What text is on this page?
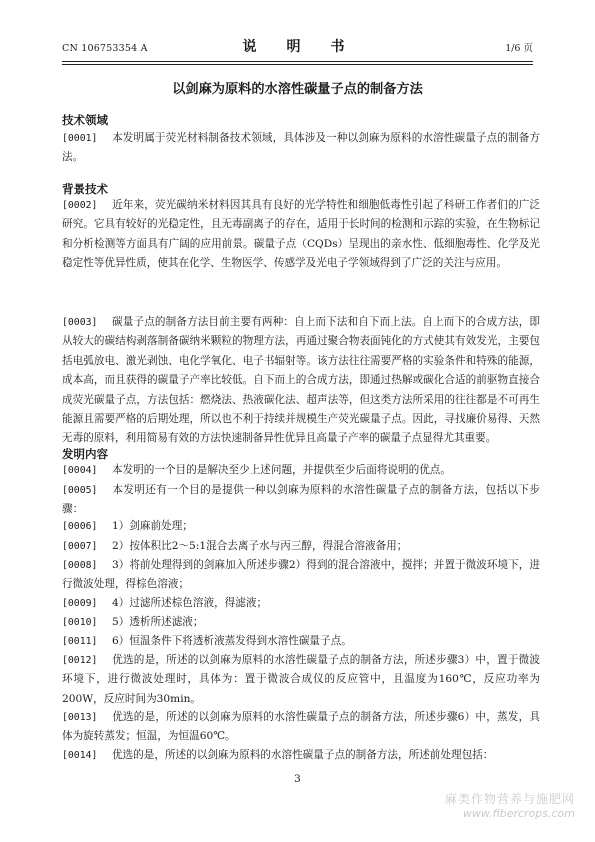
CN 106753354 A	说　明　书	1/6 页
以剑麻为原料的水溶性碳量子点的制备方法
技术领域
[0001] 本发明属于荧光材料制备技术领域，具体涉及一种以剑麻为原料的水溶性碳量子点的制备方法。
背景技术
[0002] 近年来，荧光碳纳米材料因其具有良好的光学特性和细胞低毒性引起了科研工作者们的广泛研究。它具有较好的光稳定性，且无毒副离子的存在，适用于长时间的检测和示踪的实验，在生物标记和分析检测等方面具有广阔的应用前景。碳量子点（CQDs）呈现出的亲水性、低细胞毒性、化学及光稳定性等优异性质，使其在化学、生物医学、传感学及光电子学领域得到了广泛的关注与应用。
[0003] 碳量子点的制备方法目前主要有两种：自上而下法和自下而上法。自上而下的合成方法，即从较大的碳结构剥落制备碳纳米颗粒的物理方法，再通过聚合物表面钝化的方式使其有效发光，主要包括电弧放电、激光剥蚀、电化学氧化、电子书辐射等。该方法往往需要严格的实验条件和特殊的能源，成本高，而且获得的碳量子产率比较低。自下而上的合成方法，即通过热解或碳化合适的前驱物直接合成荧光碳量子点，方法包括：燃烧法、热液碳化法、超声法等，但这类方法所采用的往往都是不可再生能源且需要严格的后期处理，所以也不利于持续并规模生产荧光碳量子点。因此，寻找廉价易得、天然无毒的原料，利用简易有效的方法快速制备异性优异且高量子产率的碳量子点显得尤其重要。
发明内容
[0004] 本发明的一个目的是解决至少上述问题，并提供至少后面将说明的优点。
[0005] 本发明还有一个目的是提供一种以剑麻为原料的水溶性碳量子点的制备方法，包括以下步骤：
[0006] 1）剑麻前处理；
[0007] 2）按体积比2～5:1混合去离子水与丙三醇，得混合溶液备用；
[0008] 3）将前处理得到的剑麻加入所述步骤2）得到的混合溶液中，搅拌；并置于微波环境下，进行微波处理，得棕色溶液；
[0009] 4）过滤所述棕色溶液，得滤液；
[0010] 5）透析所述滤液；
[0011] 6）恒温条件下将透析液蒸发得到水溶性碳量子点。
[0012] 优选的是，所述的以剑麻为原料的水溶性碳量子点的制备方法，所述步骤3）中，置于微波环境下，进行微波处理时，具体为：置于微波合成仪的反应管中，且温度为160℃，反应功率为200W，反应时间为30min。
[0013] 优选的是，所述的以剑麻为原料的水溶性碳量子点的制备方法，所述步骤6）中，蒸发，具体为旋转蒸发；恒温，为恒温60℃。
[0014] 优选的是，所述的以剑麻为原料的水溶性碳量子点的制备方法，所述前处理包括：
3
麻类作物营养与施肥网
www.fibercrops.com
